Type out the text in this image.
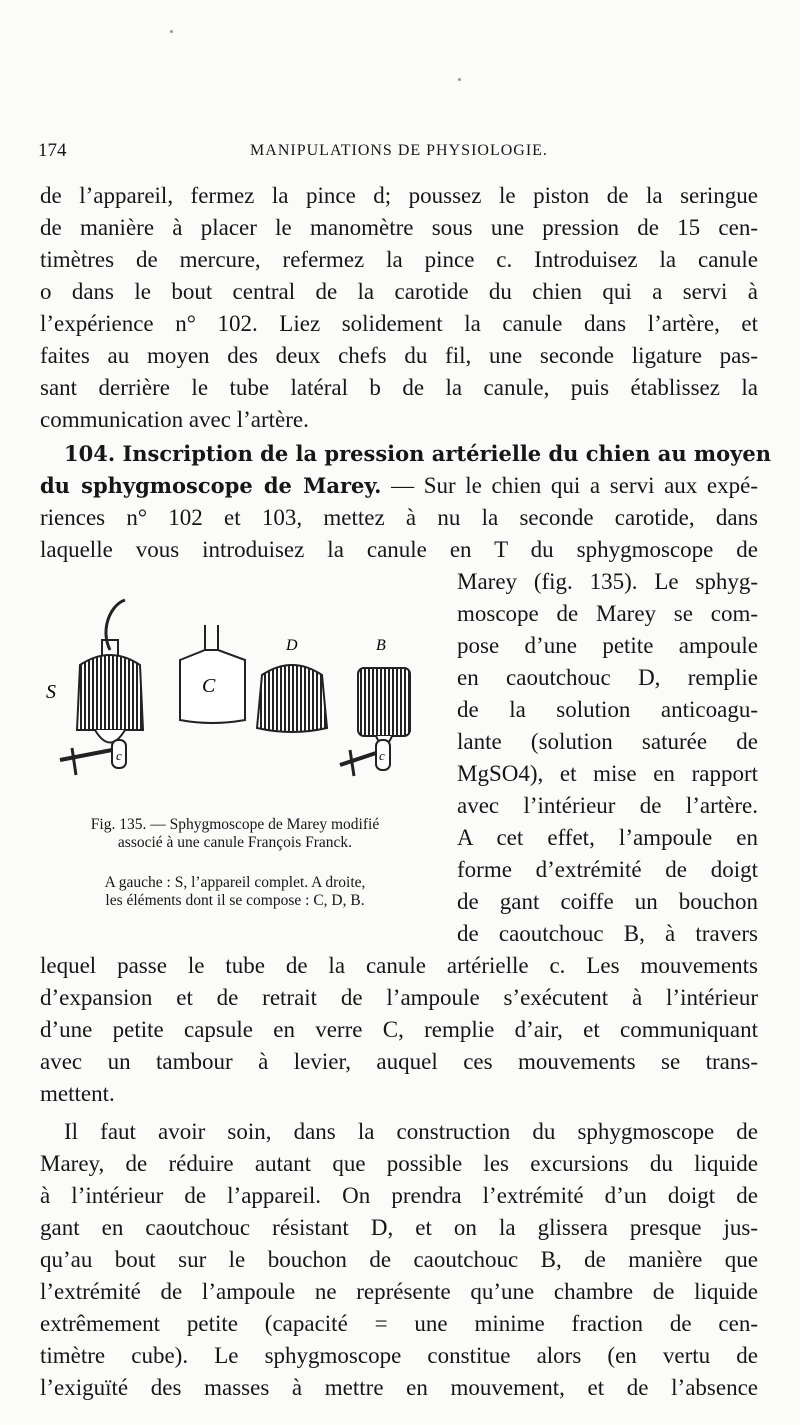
174	MANIPULATIONS DE PHYSIOLOGIE.
de l’appareil, fermez la pince d; poussez le piston de la seringue
de manière à placer le manomètre sous une pression de 15 cen-
timètres de mercure, refermez la pince c. Introduisez la canule
o dans le bout central de la carotide du chien qui a servi à
l’expérience n° 102. Liez solidement la canule dans l’artère, et
faites au moyen des deux chefs du fil, une seconde ligature pas-
sant derrière le tube latéral b de la canule, puis établissez la
communication avec l’artère.
104. Inscription de la pression artérielle du chien au moyen
du sphygmoscope de Marey. — Sur le chien qui a servi aux expé-
riences n° 102 et 103, mettez à nu la seconde carotide, dans
laquelle vous introduisez la canule en T du sphygmoscope de
Marey (fig. 135). Le sphyg-
moscope de Marey se com-
pose d’une petite ampoule
en caoutchouc D, remplie
de la solution anticoagu-
lante (solution saturée de
MgSO4), et mise en rapport
avec l’intérieur de l’artère.
A cet effet, l’ampoule en
forme d’extrémité de doigt
de gant coiffe un bouchon
de caoutchouc B, à travers
S
c
C
D	B
c
Fig. 135. — Sphygmoscope de Marey modifié
associé à une canule François Franck.
A gauche : S, l’appareil complet. A droite,
les éléments dont il se compose : C, D, B.
lequel passe le tube de la canule artérielle c. Les mouvements
d’expansion et de retrait de l’ampoule s’exécutent à l’intérieur
d’une petite capsule en verre C, remplie d’air, et communiquant
avec un tambour à levier, auquel ces mouvements se trans-
mettent.
Il faut avoir soin, dans la construction du sphygmoscope de
Marey, de réduire autant que possible les excursions du liquide
à l’intérieur de l’appareil. On prendra l’extrémité d’un doigt de
gant en caoutchouc résistant D, et on la glissera presque jus-
qu’au bout sur le bouchon de caoutchouc B, de manière que
l’extrémité de l’ampoule ne représente qu’une chambre de liquide
extrêmement petite (capacité = une minime fraction de cen-
timètre cube). Le sphygmoscope constitue alors (en vertu de
l’exiguïté des masses à mettre en mouvement, et de l’absence
